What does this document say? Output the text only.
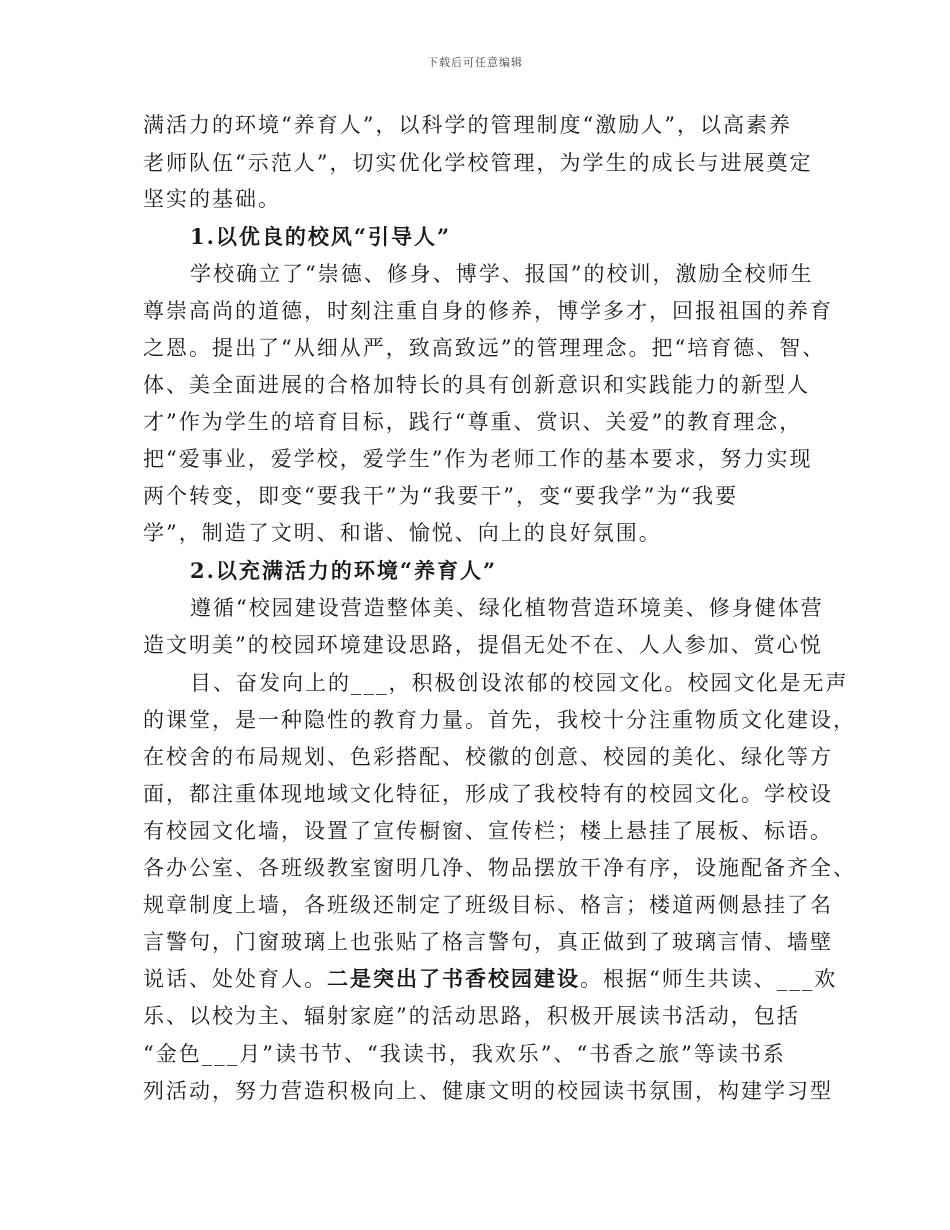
下载后可任意编辑
满活力的环境“养育人”，以科学的管理制度“激励人”，以高素养
老师队伍“示范人”，切实优化学校管理，为学生的成长与进展奠定
坚实的基础。
1.以优良的校风“引导人”
学校确立了“崇德、修身、博学、报国”的校训，激励全校师生
尊崇高尚的道德，时刻注重自身的修养，博学多才，回报祖国的养育
之恩。提出了“从细从严，致高致远”的管理理念。把“培育德、智、
体、美全面进展的合格加特长的具有创新意识和实践能力的新型人
才”作为学生的培育目标，践行“尊重、赏识、关爱”的教育理念，
把“爱事业，爱学校，爱学生”作为老师工作的基本要求，努力实现
两个转变，即变“要我干”为“我要干”，变“要我学”为“我要
学”，制造了文明、和谐、愉悦、向上的良好氛围。
2.以充满活力的环境“养育人”
遵循“校园建设营造整体美、绿化植物营造环境美、修身健体营
造文明美”的校园环境建设思路，提倡无处不在、人人参加、赏心悦
目、奋发向上的___，积极创设浓郁的校园文化。校园文化是无声
的课堂，是一种隐性的教育力量。首先，我校十分注重物质文化建设，
在校舍的布局规划、色彩搭配、校徽的创意、校园的美化、绿化等方
面，都注重体现地域文化特征，形成了我校特有的校园文化。学校设
有校园文化墙，设置了宣传橱窗、宣传栏；楼上悬挂了展板、标语。
各办公室、各班级教室窗明几净、物品摆放干净有序，设施配备齐全、
规章制度上墙，各班级还制定了班级目标、格言；楼道两侧悬挂了名
言警句，门窗玻璃上也张贴了格言警句，真正做到了玻璃言情、墙壁
说话、处处育人。二是突出了书香校园建设。根据“师生共读、___欢
乐、以校为主、辐射家庭”的活动思路，积极开展读书活动，包括
“金色___月”读书节、“我读书，我欢乐”、“书香之旅”等读书系
列活动，努力营造积极向上、健康文明的校园读书氛围，构建学习型
